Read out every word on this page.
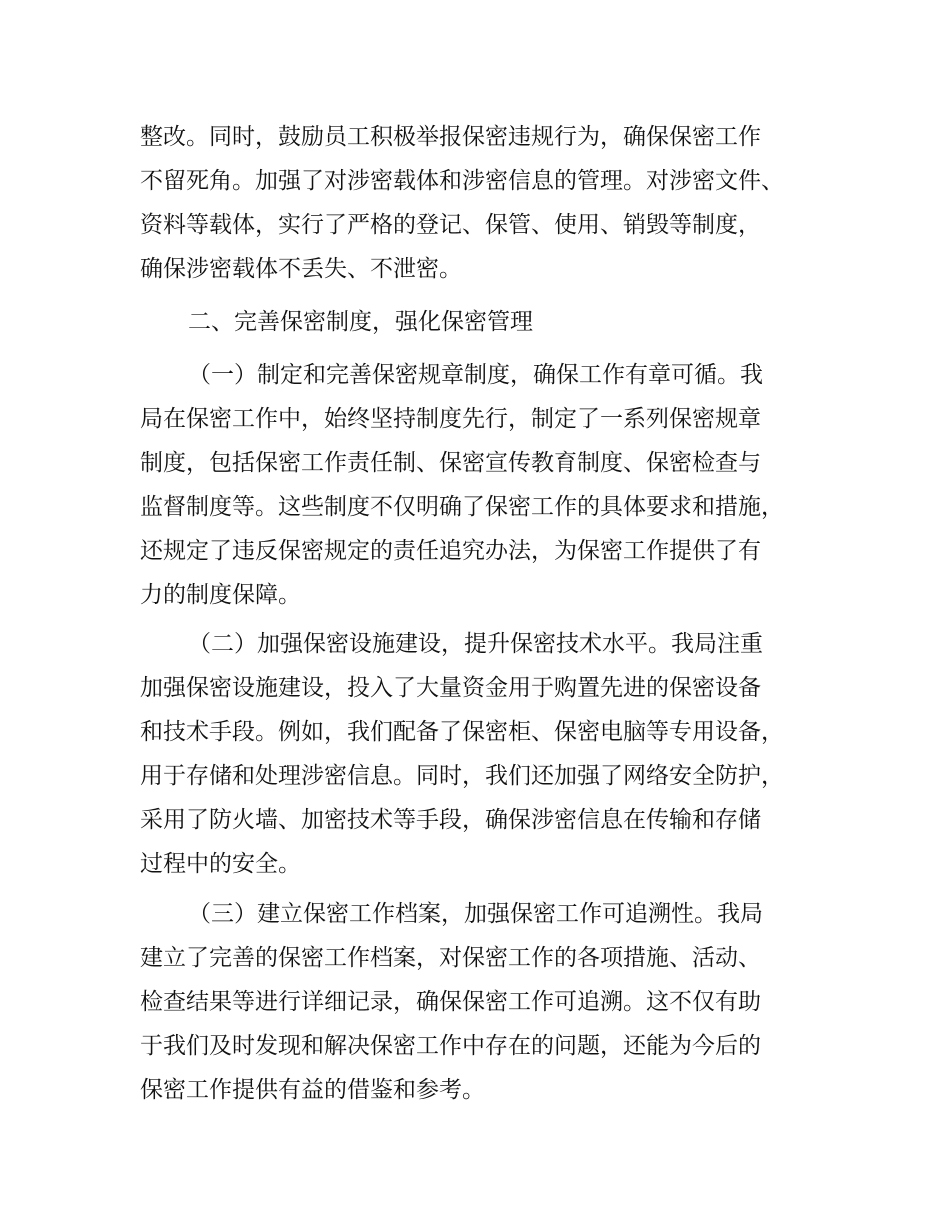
整改。同时，鼓励员工积极举报保密违规行为，确保保密工作

不留死角。加强了对涉密载体和涉密信息的管理。对涉密文件、

资料等载体，实行了严格的登记、保管、使用、销毁等制度，

确保涉密载体不丢失、不泄密。

二、完善保密制度，强化保密管理

（一）制定和完善保密规章制度，确保工作有章可循。我

局在保密工作中，始终坚持制度先行，制定了一系列保密规章

制度，包括保密工作责任制、保密宣传教育制度、保密检查与

监督制度等。这些制度不仅明确了保密工作的具体要求和措施，

还规定了违反保密规定的责任追究办法，为保密工作提供了有

力的制度保障。

（二）加强保密设施建设，提升保密技术水平。我局注重

加强保密设施建设，投入了大量资金用于购置先进的保密设备

和技术手段。例如，我们配备了保密柜、保密电脑等专用设备，

用于存储和处理涉密信息。同时，我们还加强了网络安全防护，

采用了防火墙、加密技术等手段，确保涉密信息在传输和存储

过程中的安全。

（三）建立保密工作档案，加强保密工作可追溯性。我局

建立了完善的保密工作档案，对保密工作的各项措施、活动、

检查结果等进行详细记录，确保保密工作可追溯。这不仅有助

于我们及时发现和解决保密工作中存在的问题，还能为今后的

保密工作提供有益的借鉴和参考。
